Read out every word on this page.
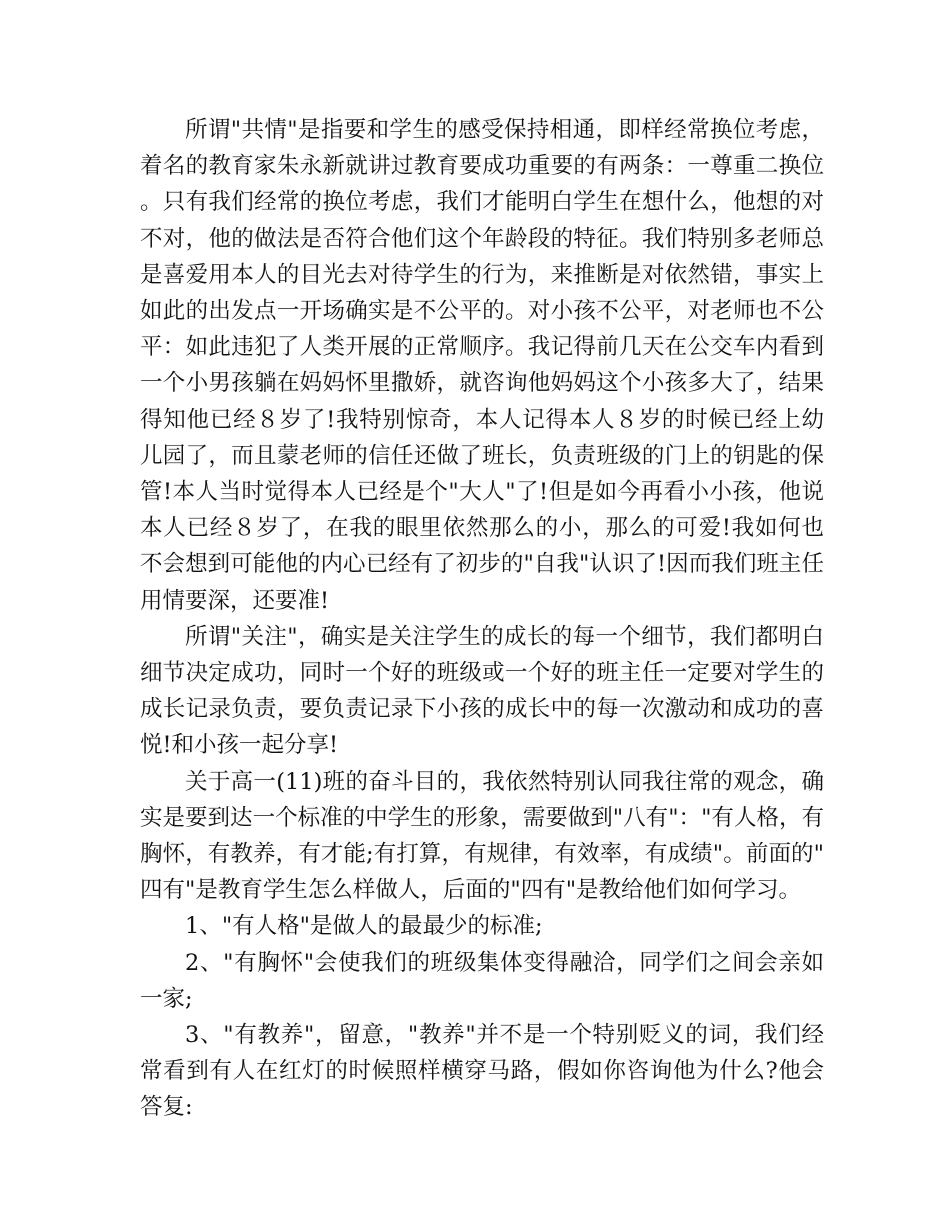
所谓"共情"是指要和学生的感受保持相通，即样经常换位考虑，着名的教育家朱永新就讲过教育要成功重要的有两条：一尊重二换位。只有我们经常的换位考虑，我们才能明白学生在想什么，他想的对不对，他的做法是否符合他们这个年龄段的特征。我们特别多老师总是喜爱用本人的目光去对待学生的行为，来推断是对依然错，事实上如此的出发点一开场确实是不公平的。对小孩不公平，对老师也不公平：如此违犯了人类开展的正常顺序。我记得前几天在公交车内看到一个小男孩躺在妈妈怀里撒娇，就咨询他妈妈这个小孩多大了，结果得知他已经８岁了!我特别惊奇，本人记得本人８岁的时候已经上幼儿园了，而且蒙老师的信任还做了班长，负责班级的门上的钥匙的保管!本人当时觉得本人已经是个"大人"了!但是如今再看小小孩，他说本人已经８岁了，在我的眼里依然那么的小，那么的可爱!我如何也不会想到可能他的内心已经有了初步的"自我"认识了!因而我们班主任用情要深，还要准!

所谓"关注"，确实是关注学生的成长的每一个细节，我们都明白细节决定成功，同时一个好的班级或一个好的班主任一定要对学生的成长记录负责，要负责记录下小孩的成长中的每一次激动和成功的喜悦!和小孩一起分享!

关于高一(11)班的奋斗目的，我依然特别认同我往常的观念，确实是要到达一个标准的中学生的形象，需要做到"八有"："有人格，有胸怀，有教养，有才能;有打算，有规律，有效率，有成绩"。前面的"四有"是教育学生怎么样做人，后面的"四有"是教给他们如何学习。

1、"有人格"是做人的最最少的标准;

2、"有胸怀"会使我们的班级集体变得融洽，同学们之间会亲如一家;

3、"有教养"，留意，"教养"并不是一个特别贬义的词，我们经常看到有人在红灯的时候照样横穿马路，假如你咨询他为什么?他会答复:
